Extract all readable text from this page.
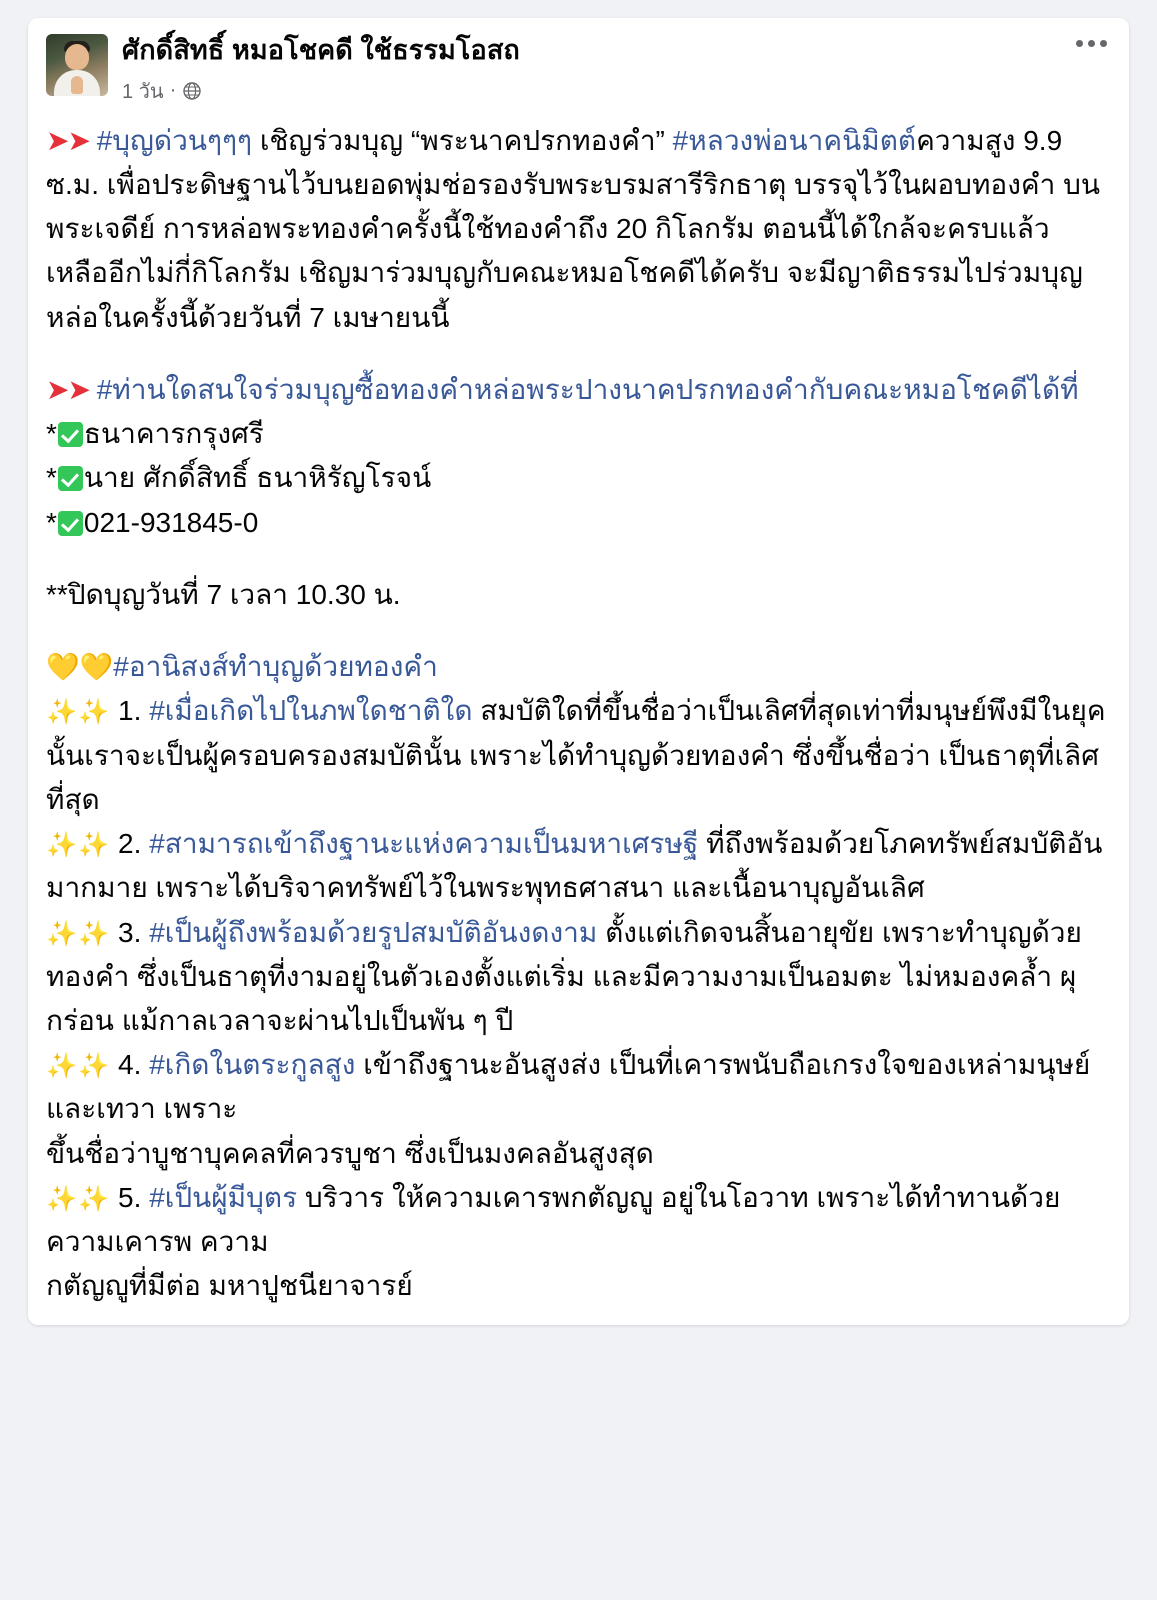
ศักดิ์สิทธิ์ หมอโชคดี ใช้ธรรมโอสถ
1 วัน ·

➤➤ #บุญด่วนๆๆๆ เชิญร่วมบุญ “พระนาคปรกทองคำ” #หลวงพ่อนาคนิมิตต์ความสูง 9.9 ซ.ม. เพื่อประดิษฐานไว้บนยอดพุ่มช่อรองรับพระบรมสารีริกธาตุ บรรจุไว้ในผอบทองคำ บนพระเจดีย์ การหล่อพระทองคำครั้งนี้ใช้ทองคำถึง 20 กิโลกรัม ตอนนี้ได้ใกล้จะครบแล้ว เหลืออีกไม่กี่กิโลกรัม เชิญมาร่วมบุญกับคณะหมอโชคดีได้ครับ จะมีญาติธรรมไปร่วมบุญหล่อในครั้งนี้ด้วยวันที่ 7 เมษายนนี้

➤➤ #ท่านใดสนใจร่วมบุญซื้อทองคำหล่อพระปางนาคปรกทองคำกับคณะหมอโชคดีได้ที่

* ธนาคารกรุงศรี

* นาย ศักดิ์สิทธิ์ ธนาหิรัญโรจน์

* 021-931845-0

**ปิดบุญวันที่ 7 เวลา 10.30 น.

💛💛#อานิสงส์ทำบุญด้วยทองคำ

✨✨ 1. #เมื่อเกิดไปในภพใดชาติใด สมบัติใดที่ขึ้นชื่อว่าเป็นเลิศที่สุดเท่าที่มนุษย์พึงมีในยุคนั้นเราจะเป็นผู้ครอบครองสมบัตินั้น เพราะได้ทำบุญด้วยทองคำ ซึ่งขึ้นชื่อว่า เป็นธาตุที่เลิศที่สุด

✨✨ 2. #สามารถเข้าถึงฐานะแห่งความเป็นมหาเศรษฐี ที่ถึงพร้อมด้วยโภคทรัพย์สมบัติอันมากมาย เพราะได้บริจาคทรัพย์ไว้ในพระพุทธศาสนา และเนื้อนาบุญอันเลิศ

✨✨ 3. #เป็นผู้ถึงพร้อมด้วยรูปสมบัติอันงดงาม ตั้งแต่เกิดจนสิ้นอายุขัย เพราะทำบุญด้วยทองคำ ซึ่งเป็นธาตุที่งามอยู่ในตัวเองตั้งแต่เริ่ม และมีความงามเป็นอมตะ ไม่หมองคล้ำ ผุกร่อน แม้กาลเวลาจะผ่านไปเป็นพัน ๆ ปี

✨✨ 4. #เกิดในตระกูลสูง เข้าถึงฐานะอันสูงส่ง เป็นที่เคารพนับถือเกรงใจของเหล่ามนุษย์และเทวา เพราะ
ขึ้นชื่อว่าบูชาบุคคลที่ควรบูชา ซึ่งเป็นมงคลอันสูงสุด

✨✨ 5. #เป็นผู้มีบุตร บริวาร ให้ความเคารพกตัญญู อยู่ในโอวาท เพราะได้ทำทานด้วยความเคารพ ความ
กตัญญูที่มีต่อ มหาปูชนียาจารย์
